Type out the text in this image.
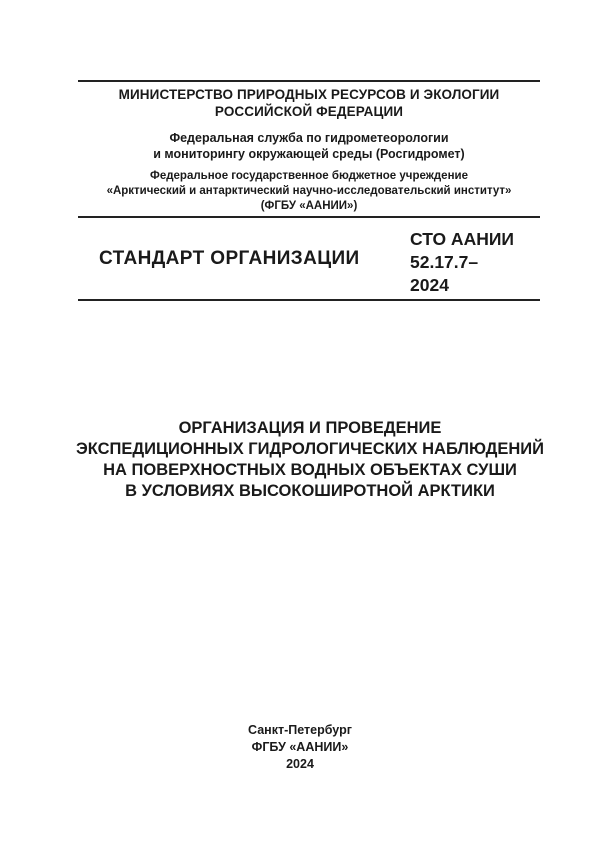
МИНИСТЕРСТВО ПРИРОДНЫХ РЕСУРСОВ И ЭКОЛОГИИ
РОССИЙСКОЙ ФЕДЕРАЦИИ
Федеральная служба по гидрометеорологии
и мониторингу окружающей среды (Росгидромет)
Федеральное государственное бюджетное учреждение
«Арктический и антарктический научно-исследовательский институт»
(ФГБУ «ААНИИ»)
СТАНДАРТ ОРГАНИЗАЦИИ
СТО ААНИИ
52.17.7–
2024
ОРГАНИЗАЦИЯ И ПРОВЕДЕНИЕ
ЭКСПЕДИЦИОННЫХ ГИДРОЛОГИЧЕСКИХ НАБЛЮДЕНИЙ
НА ПОВЕРХНОСТНЫХ ВОДНЫХ ОБЪЕКТАХ СУШИ
В УСЛОВИЯХ ВЫСОКОШИРОТНОЙ АРКТИКИ
Санкт-Петербург
ФГБУ «ААНИИ»
2024
